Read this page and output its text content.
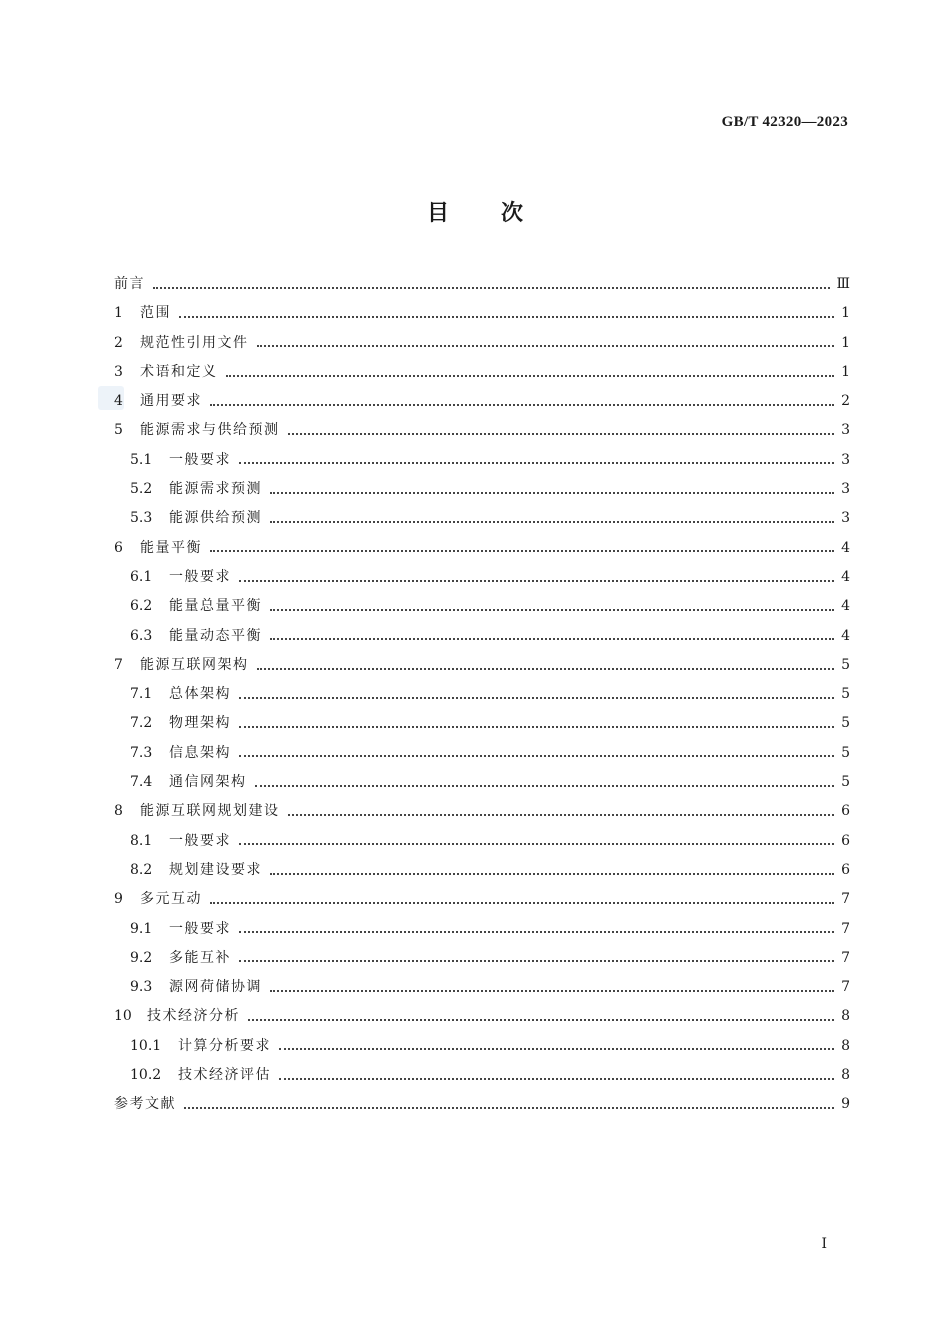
GB/T 42320—2023
目次
前言	Ⅲ
1	范围	1
2	规范性引用文件	1
3	术语和定义	1
4	通用要求	2
5	能源需求与供给预测	3
5.1	一般要求	3
5.2	能源需求预测	3
5.3	能源供给预测	3
6	能量平衡	4
6.1	一般要求	4
6.2	能量总量平衡	4
6.3	能量动态平衡	4
7	能源互联网架构	5
7.1	总体架构	5
7.2	物理架构	5
7.3	信息架构	5
7.4	通信网架构	5
8	能源互联网规划建设	6
8.1	一般要求	6
8.2	规划建设要求	6
9	多元互动	7
9.1	一般要求	7
9.2	多能互补	7
9.3	源网荷储协调	7
10	技术经济分析	8
10.1	计算分析要求	8
10.2	技术经济评估	8
参考文献	9
Ⅰ
